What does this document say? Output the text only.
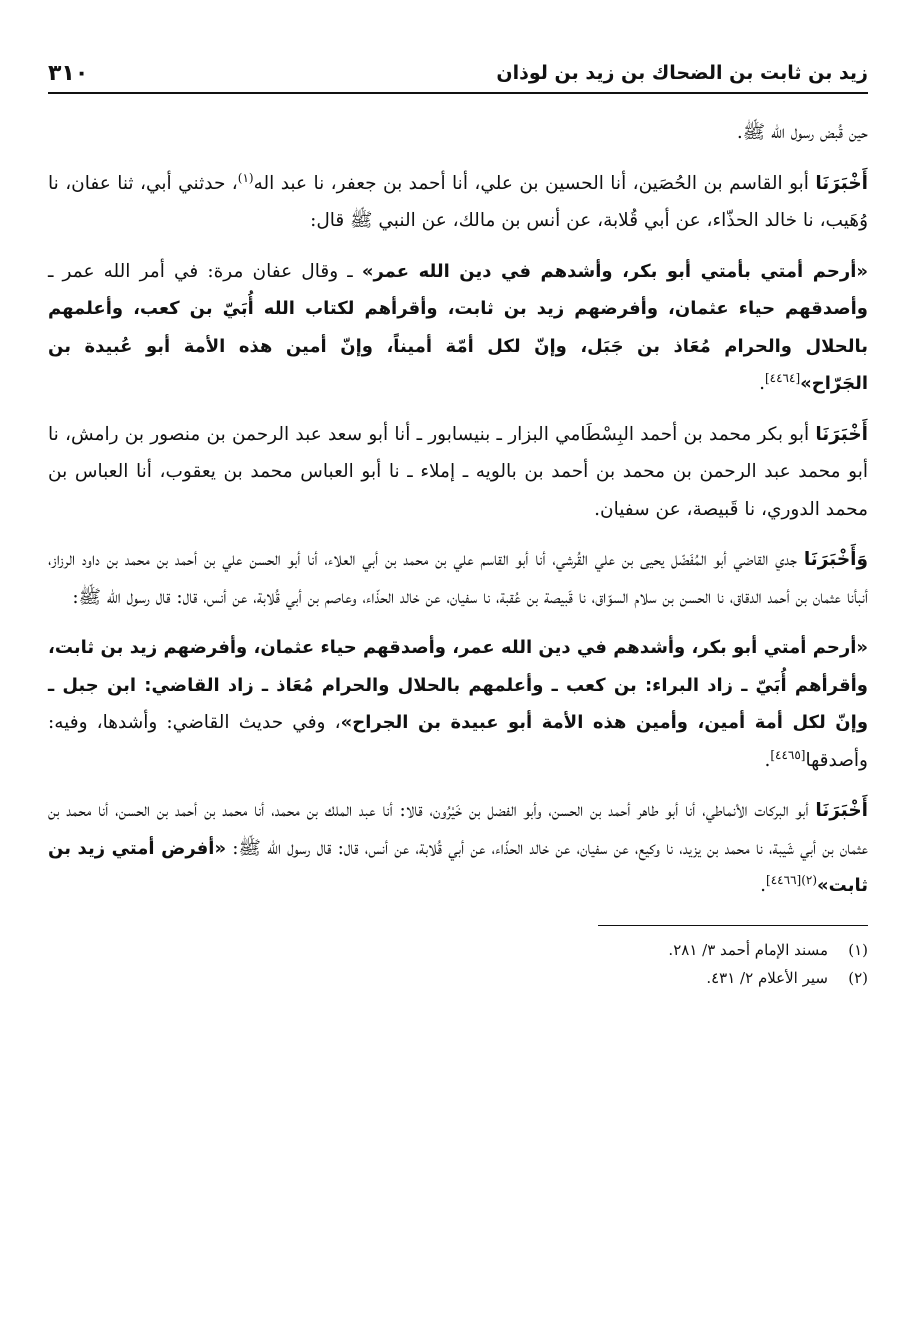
زيد بن ثابت بن الضحاك بن زيد بن لوذان
٣١٠

حين قُبض رسول الله ﷺ.

أَخْبَرَنَا أبو القاسم بن الحُصَين، أنا الحسين بن علي، أنا أحمد بن جعفر، نا عبد اله$^{(١)}$، حدثني أبي، ثنا عفان، نا وُهَيب، نا خالد الحذّاء، عن أبي قُلابة، عن أنس بن مالك، عن النبي ﷺ قال:

«أرحم أمتي بأمتي أبو بكر، وأشدهم في دين الله عمر» ـ وقال عفان مرة: في أمر الله عمر ـ وأصدقهم حياء عثمان، وأفرضهم زيد بن ثابت، وأقرأهم لكتاب الله أُبَيّ بن كعب، وأعلمهم بالحلال والحرام مُعَاذ بن جَبَل، وإنّ لكل أمّة أميناً، وإنّ أمين هذه الأمة أبو عُبيدة بن الجَرّاح»[٤٤٦٤].

أَخْبَرَنَا أبو بكر محمد بن أحمد البِسْطَامي البزار ـ بنيسابور ـ أنا أبو سعد عبد الرحمن بن منصور بن رامش، نا أبو محمد عبد الرحمن بن محمد بن أحمد بن بالويه ـ إملاء ـ نا أبو العباس محمد بن يعقوب، أنا العباس بن محمد الدوري، نا قَبيصة، عن سفيان.

وَأَخْبَرَنَا جدي القاضي أبو المُفَضّل يحيى بن علي القُرشي، أنا أبو القاسم علي بن محمد بن أبي العلاء، أنا أبو الحسن علي بن أحمد بن محمد بن داود الرزاز، أنبأنا عثمان بن أحمد الدقاق، نا الحسن بن سلام السوّاق، نا قَبيصة بن عُقبة، نا سفيان، عن خالد الحذّاء، وعاصم بن أبي قُلابة، عن أنس، قال: قال رسول الله ﷺ:

«أرحم أمتي أبو بكر، وأشدهم في دين الله عمر، وأصدقهم حياء عثمان، وأفرضهم زيد بن ثابت، وأقرأهم أُبَيّ ـ زاد البراء: بن كعب ـ وأعلمهم بالحلال والحرام مُعَاذ ـ زاد القاضي: ابن جبل ـ وإنّ لكل أمة أمين، وأمين هذه الأمة أبو عبيدة بن الجراح»، وفي حديث القاضي: وأشدها، وفيه: وأصدقها[٤٤٦٥].

أَخْبَرَنَا أبو البركات الأنماطي، أنا أبو طاهر أحمد بن الحسن، وأبو الفضل بن خَيْرُون، قالا: أنا عبد الملك بن محمد، أنا محمد بن أحمد بن الحسن، أنا محمد بن عثمان بن أبي شَيبة، نا محمد بن يزيد، نا وكيع، عن سفيان، عن خالد الحذّاء، عن أبي قُلابة، عن أنس، قال: قال رسول الله ﷺ: «أفرض أمتي زيد بن ثابت»$^{(٢)[٤٤٦٦]}$.

(١)مسند الإمام أحمد ٣/ ٢٨١.
(٢)سير الأعلام ٢/ ٤٣١.
